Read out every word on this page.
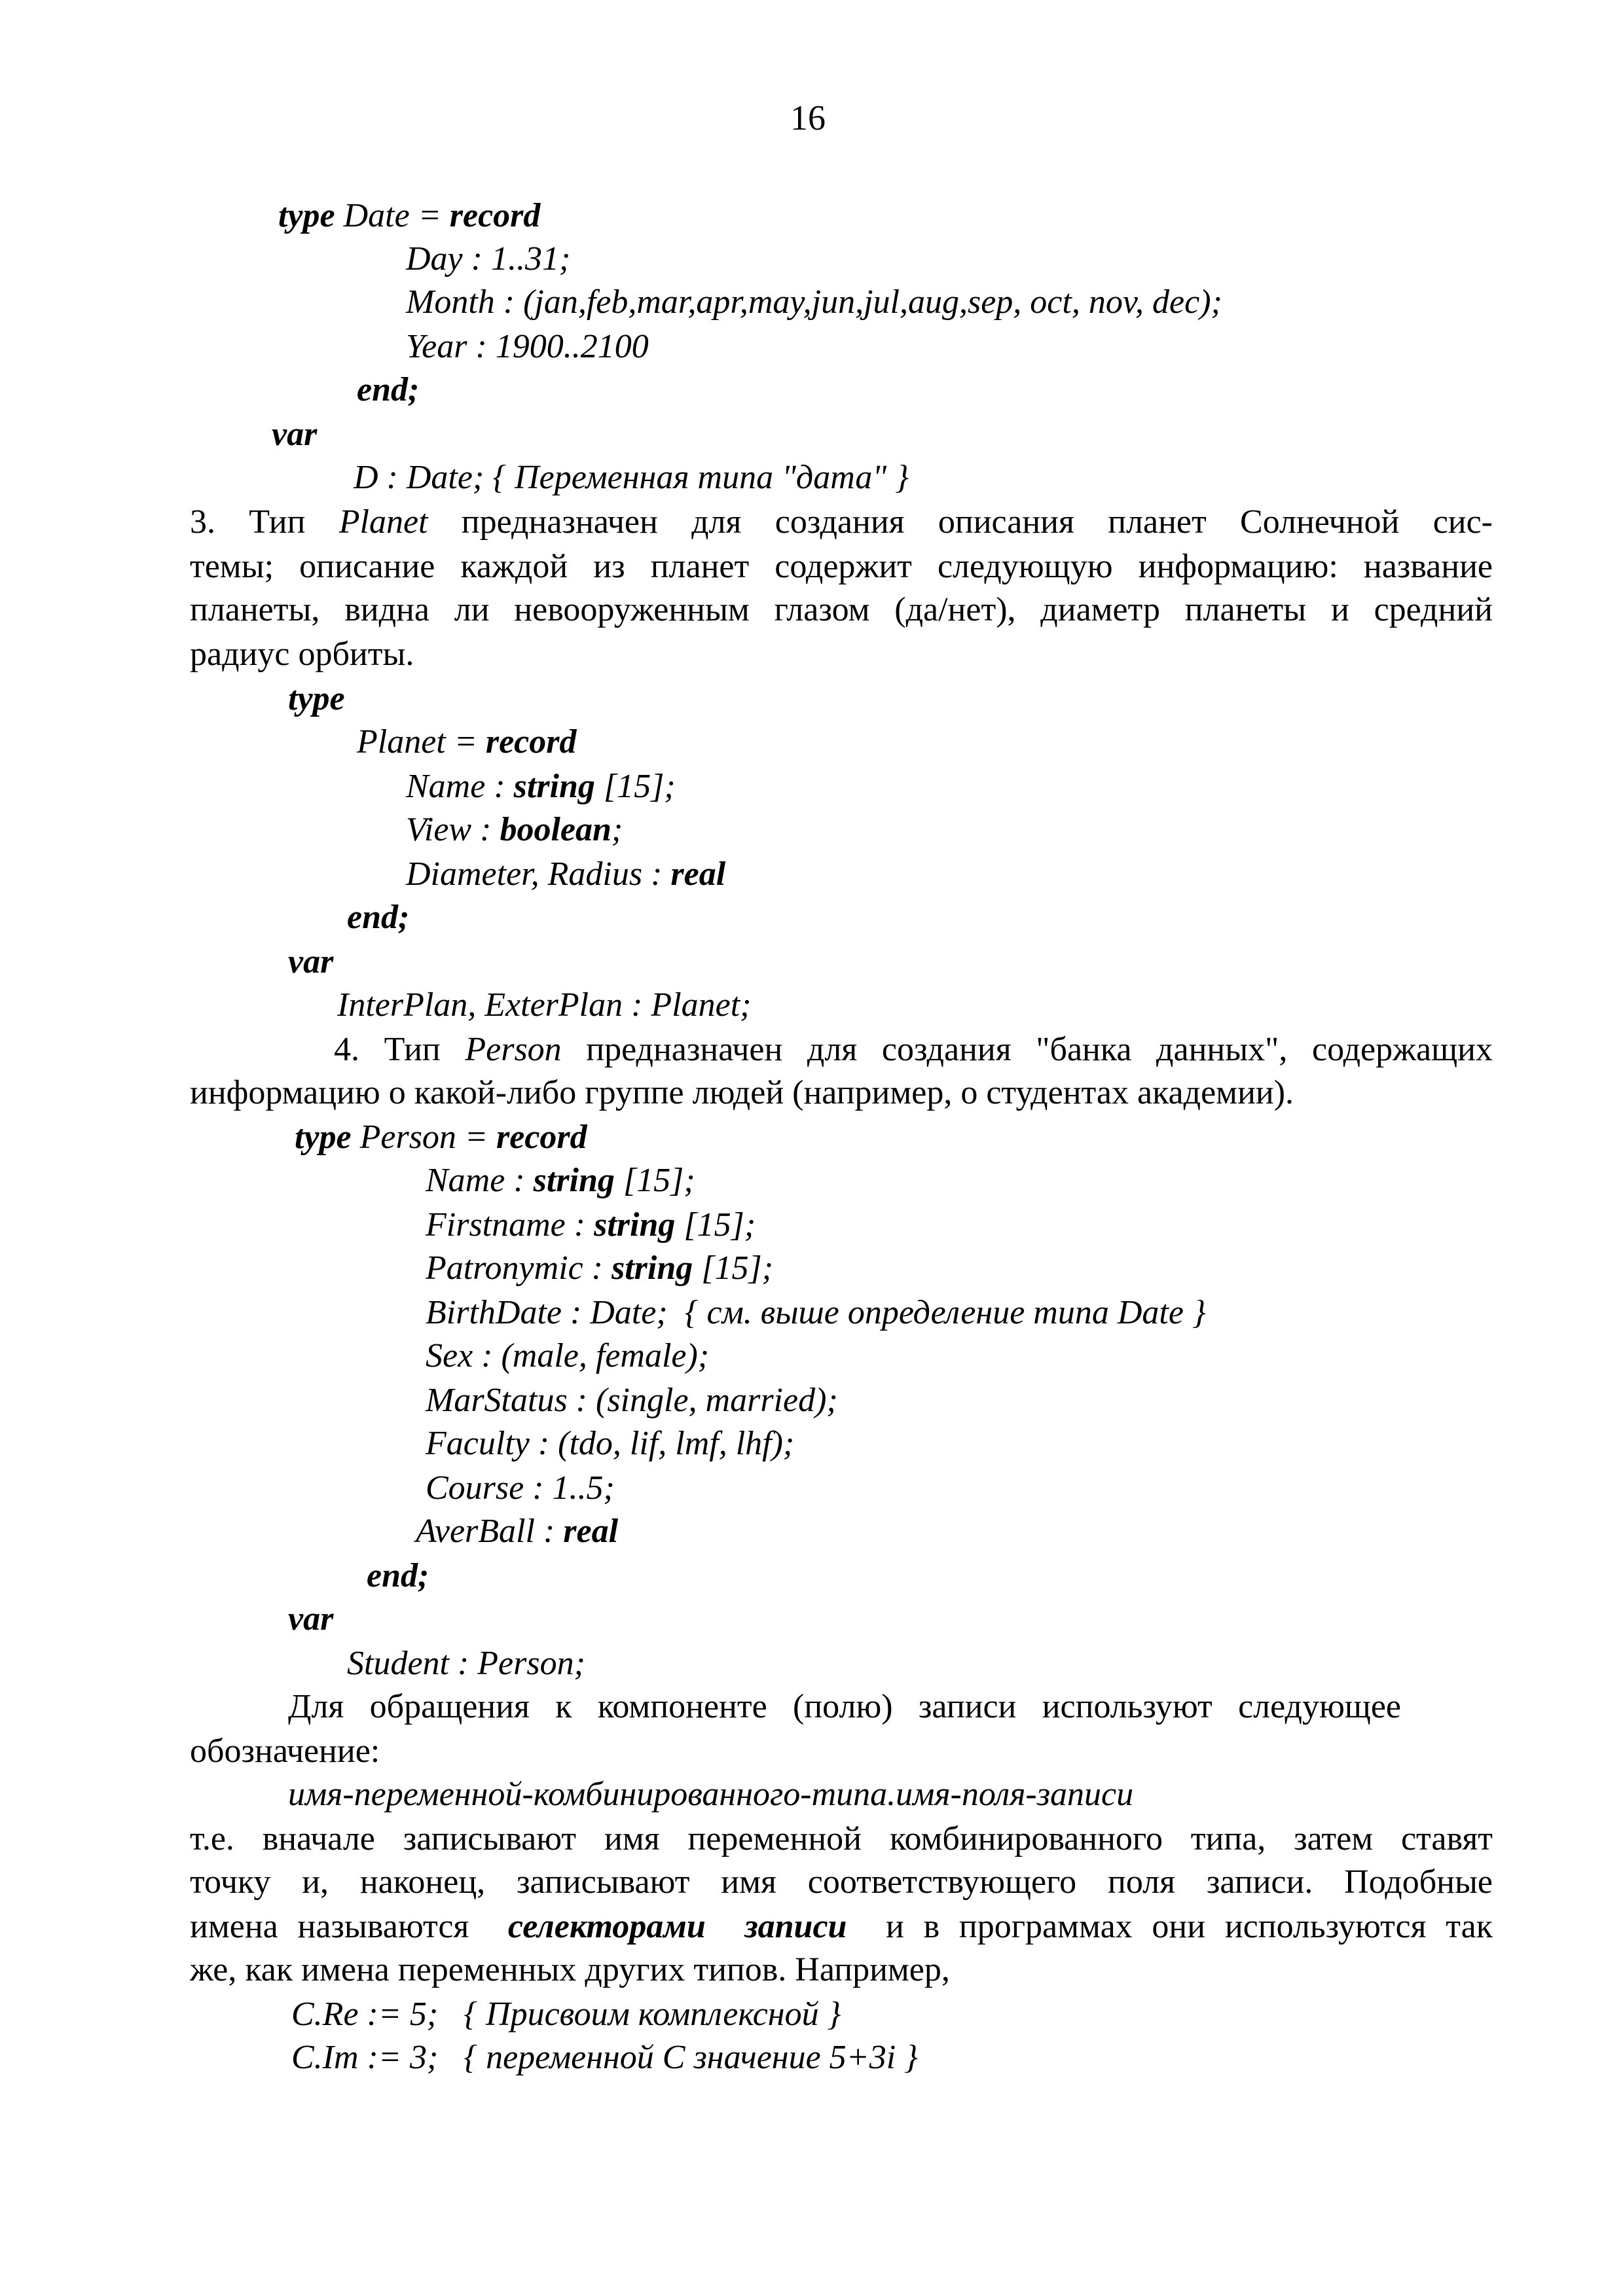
16
type Date = record
Day : 1..31;
Month : (jan,feb,mar,apr,may,jun,jul,aug,sep, oct, nov, dec);
Year : 1900..2100
end;
var
D : Date; { Переменная типа "дата" }
3. Тип Planet предназначен для создания описания планет Солнечной сис-
темы; описание каждой из планет содержит следующую информацию: название
планеты, видна ли невооруженным глазом (да/нет), диаметр планеты и средний
радиус орбиты.
type
Planet = record
Name : string [15];
View : boolean;
Diameter, Radius : real
end;
var
InterPlan, ExterPlan : Planet;
4. Тип Person предназначен для создания "банка данных", содержащих
информацию о какой-либо группе людей (например, о студентах академии).
type Person = record
Name : string [15];
Firstname : string [15];
Patronymic : string [15];
BirthDate : Date;  { см. выше определение типа Date }
Sex : (male, female);
MarStatus : (single, married);
Faculty : (tdo, lif, lmf, lhf);
Course : 1..5;
AverBall : real
end;
var
Student : Person;
Для обращения к компоненте (полю) записи используют следующее
обозначение:
имя-переменной-комбинированного-типа.имя-поля-записи
т.е. вначале записывают имя переменной комбинированного типа, затем ставят
точку и, наконец, записывают имя соответствующего поля записи. Подобные
имена называются  селекторами  записи  и в программах они используются так
же, как имена переменных других типов. Например,
C.Re := 5;   { Присвоим комплексной }
C.Im := 3;   { переменной C значение 5+3i }
